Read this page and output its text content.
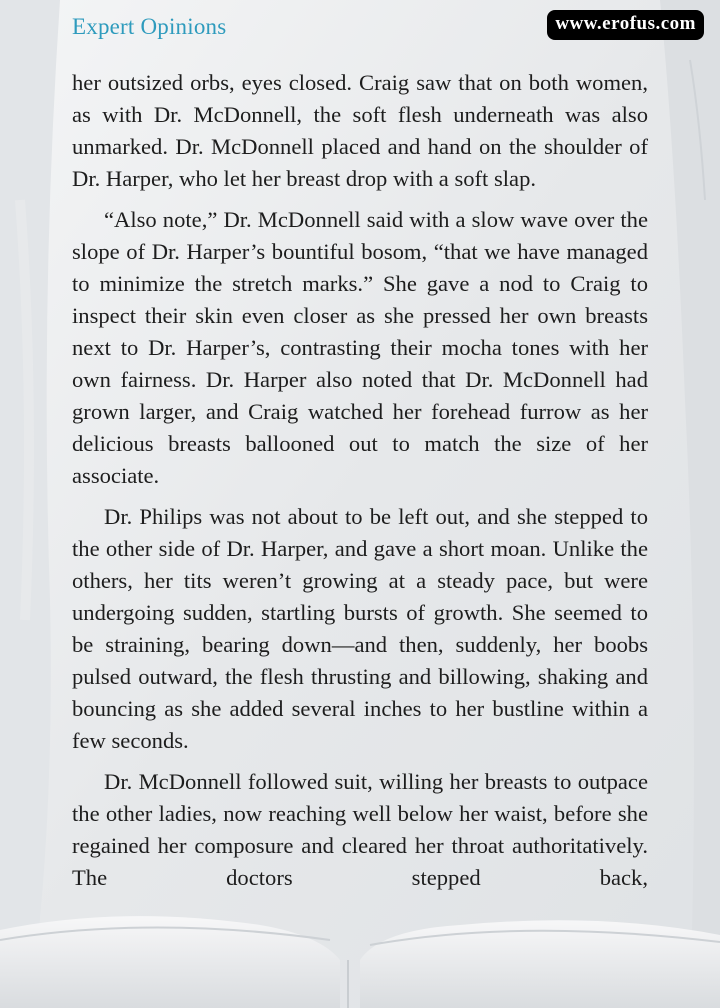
Expert Opinions	www.erofus.com

her outsized orbs, eyes closed. Craig saw that on both women, as with Dr. McDonnell, the soft flesh underneath was also unmarked. Dr. McDonnell placed and hand on the shoulder of Dr. Harper, who let her breast drop with a soft slap.

“Also note,” Dr. McDonnell said with a slow wave over the slope of Dr. Harper’s bountiful bosom, “that we have managed to minimize the stretch marks.” She gave a nod to Craig to inspect their skin even closer as she pressed her own breasts next to Dr. Harper’s, contrasting their mocha tones with her own fairness. Dr. Harper also noted that Dr. McDonnell had grown larger, and Craig watched her forehead furrow as her delicious breasts ballooned out to match the size of her associate.

Dr. Philips was not about to be left out, and she stepped to the other side of Dr. Harper, and gave a short moan. Unlike the others, her tits weren’t growing at a steady pace, but were undergoing sudden, startling bursts of growth. She seemed to be straining, bearing down—and then, suddenly, her boobs pulsed outward, the flesh thrusting and billowing, shaking and bouncing as she added several inches to her bustline within a few seconds.

Dr. McDonnell followed suit, willing her breasts to outpace the other ladies, now reaching well below her waist, before she regained her composure and cleared her throat authoritatively. The doctors stepped back,
